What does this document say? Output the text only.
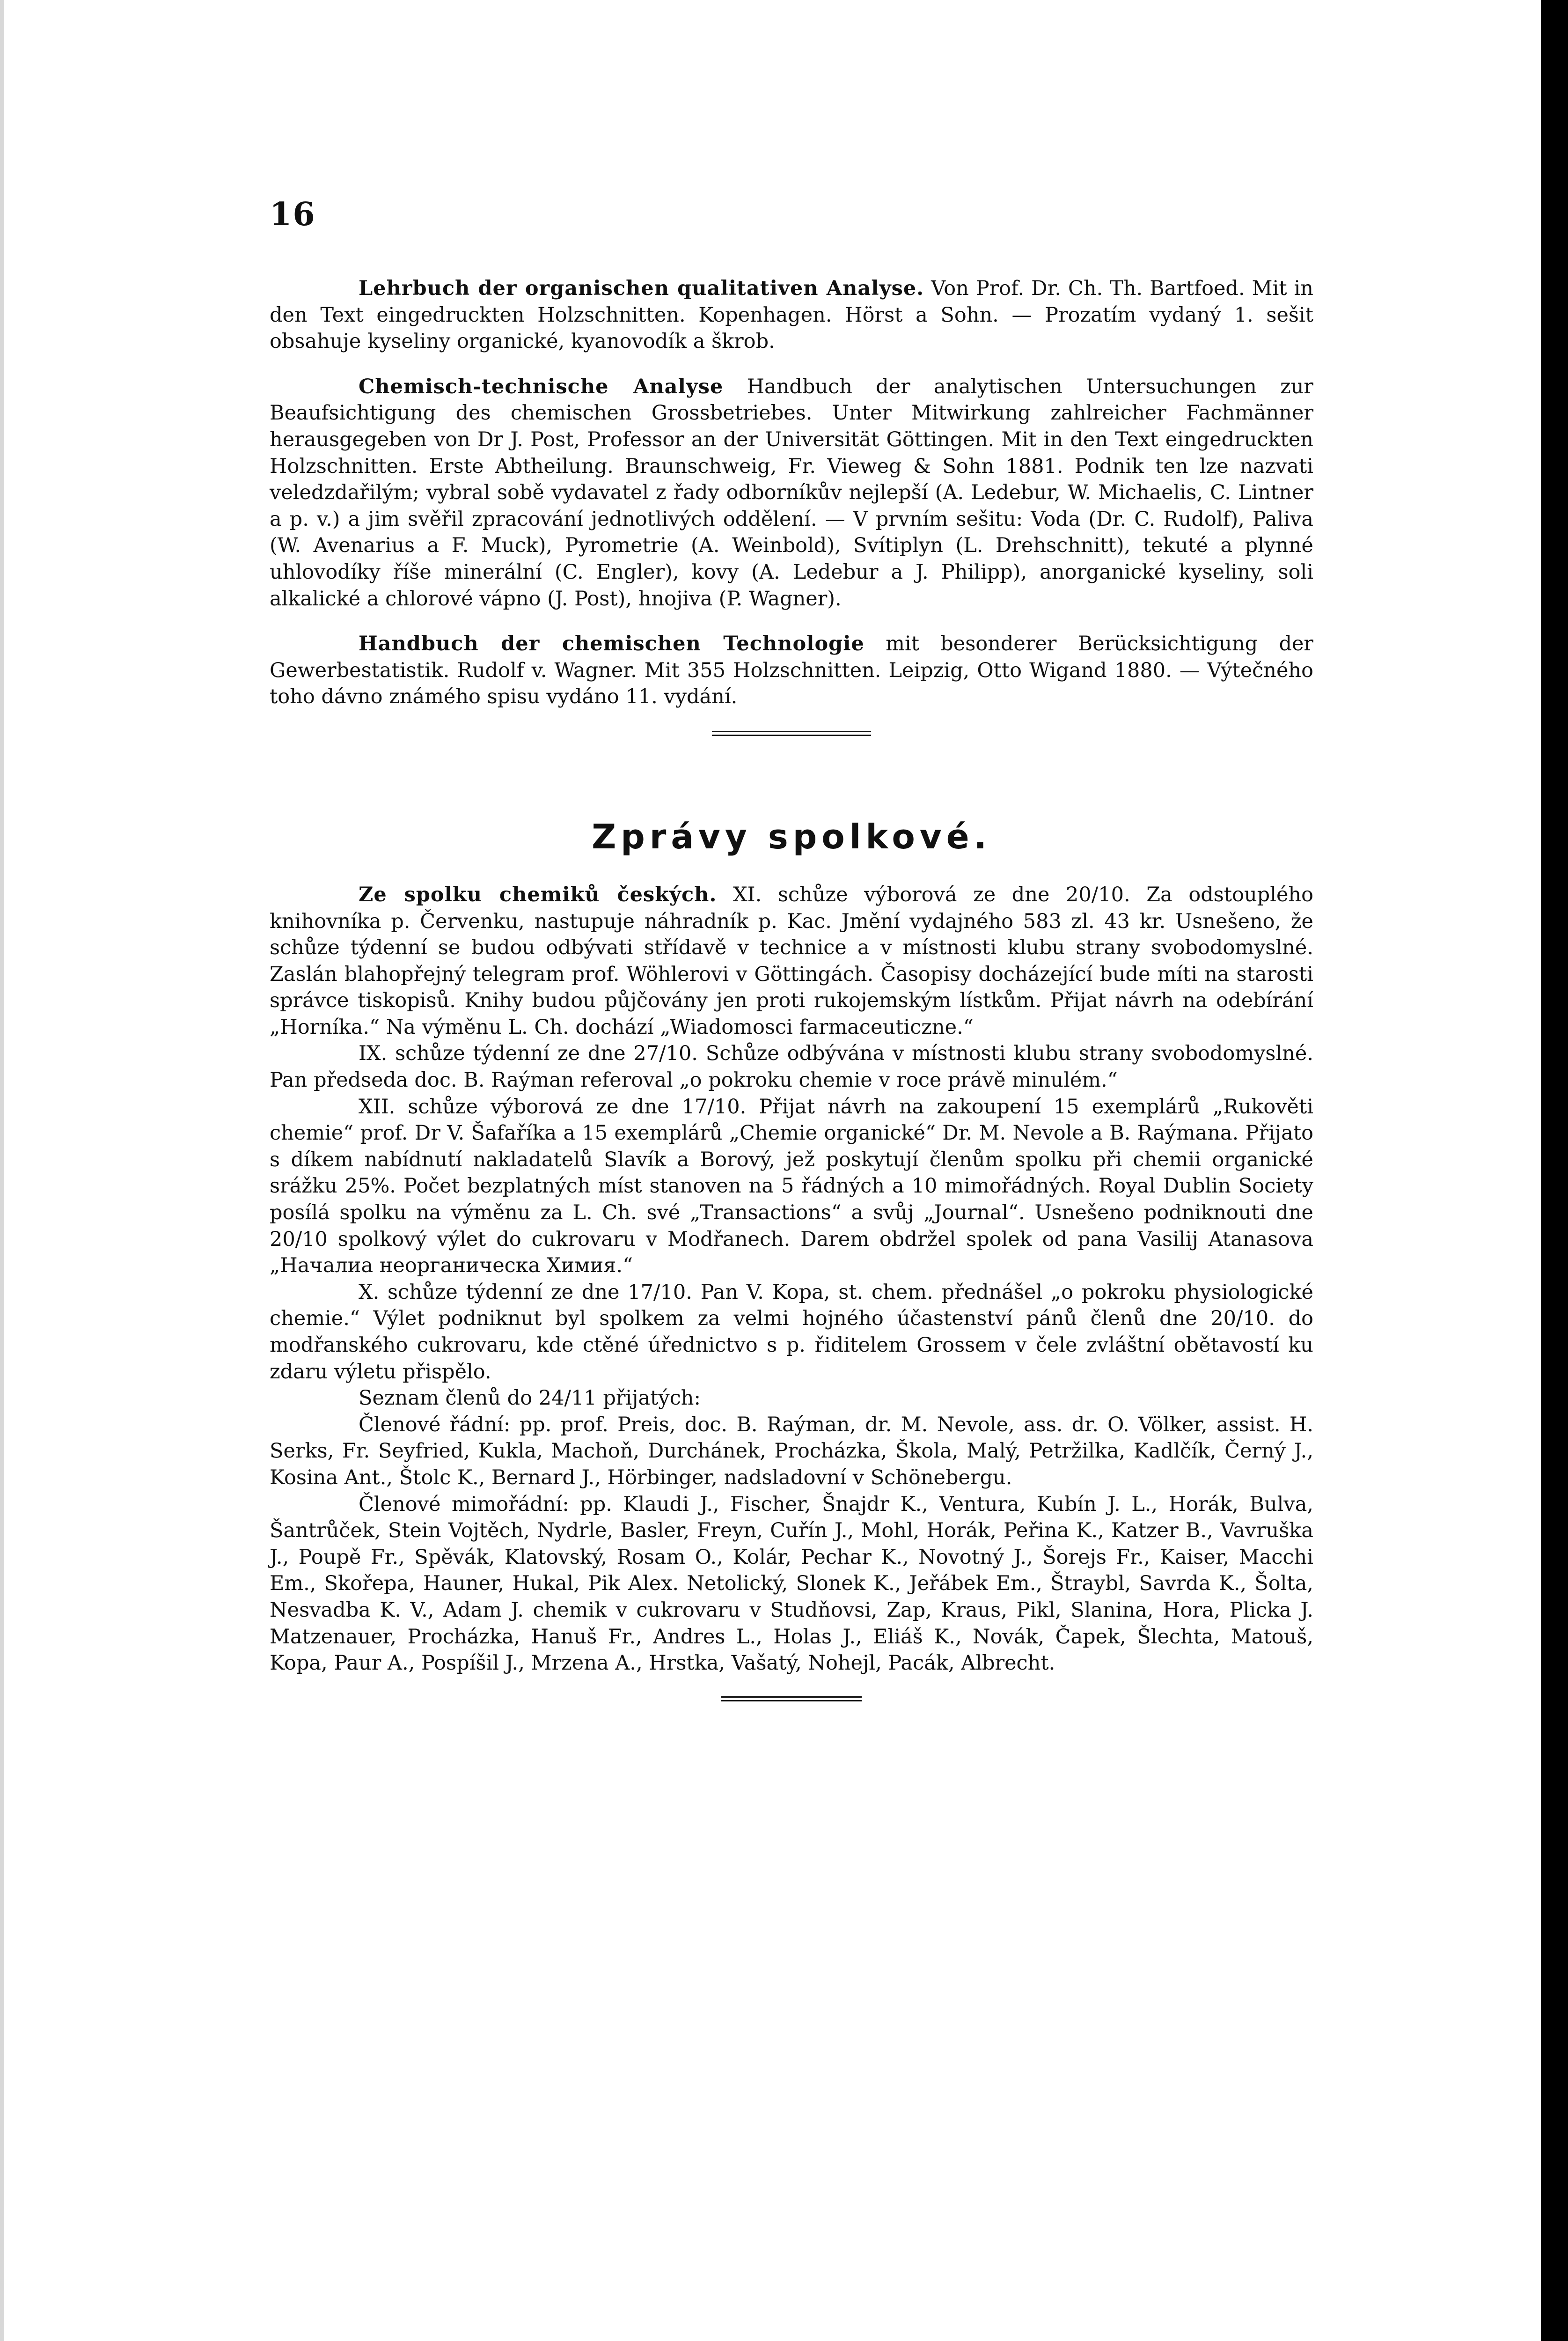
16

Lehrbuch der organischen qualitativen Analyse. Von Prof. Dr. Ch. Th. Bartfoed. Mit in den Text eingedruckten Holzschnitten. Kopenhagen. Hörst a Sohn. — Prozatím vydaný 1. sešit obsahuje kyseliny organické, kyanovodík a škrob.

Chemisch-technische Analyse Handbuch der analytischen Untersuchungen zur Beaufsichtigung des chemischen Grossbetriebes. Unter Mitwirkung zahlreicher Fachmänner herausgegeben von Dr J. Post, Professor an der Universität Göttingen. Mit in den Text eingedruckten Holzschnitten. Erste Abtheilung. Braunschweig, Fr. Vieweg & Sohn 1881. Podnik ten lze nazvati veledzdařilým; vybral sobě vydavatel z řady odborníkův nejlepší (A. Ledebur, W. Michaelis, C. Lintner a p. v.) a jim svěřil zpracování jednotlivých oddělení. — V prvním sešitu: Voda (Dr. C. Rudolf), Paliva (W. Avenarius a F. Muck), Pyrometrie (A. Weinbold), Svítiplyn (L. Drehschnitt), tekuté a plynné uhlovodíky říše minerální (C. Engler), kovy (A. Ledebur a J. Philipp), anorganické kyseliny, soli alkalické a chlorové vápno (J. Post), hnojiva (P. Wagner).

Handbuch der chemischen Technologie mit besonderer Berücksichtigung der Gewerbestatistik. Rudolf v. Wagner. Mit 355 Holzschnitten. Leipzig, Otto Wigand 1880. — Výtečného toho dávno známého spisu vydáno 11. vydání.

Zprávy spolkové.

Ze spolku chemiků českých. XI. schůze výborová ze dne 20/10. Za odstouplého knihovníka p. Červenku, nastupuje náhradník p. Kac. Jmění vydajného 583 zl. 43 kr. Usnešeno, že schůze týdenní se budou odbývati střídavě v technice a v místnosti klubu strany svobodomyslné. Zaslán blahopřejný telegram prof. Wöhlerovi v Göttingách. Časopisy docházející bude míti na starosti správce tiskopisů. Knihy budou půjčovány jen proti rukojemským lístkům. Přijat návrh na odebírání „Horníka.“ Na výměnu L. Ch. dochází „Wiadomosci farmaceuticzne.“

IX. schůze týdenní ze dne 27/10. Schůze odbývána v místnosti klubu strany svobodomyslné. Pan předseda doc. B. Raýman referoval „o pokroku chemie v roce právě minulém.“

XII. schůze výborová ze dne 17/10. Přijat návrh na zakoupení 15 exemplárů „Rukověti chemie“ prof. Dr V. Šafaříka a 15 exemplárů „Chemie organické“ Dr. M. Nevole a B. Raýmana. Přijato s díkem nabídnutí nakladatelů Slavík a Borový, jež poskytují členům spolku při chemii organické srážku 25%. Počet bezplatných míst stanoven na 5 řádných a 10 mimořádných. Royal Dublin Society posílá spolku na výměnu za L. Ch. své „Transactions“ a svůj „Journal“. Usnešeno podniknouti dne 20/10 spolkový výlet do cukrovaru v Modřanech. Darem obdržel spolek od pana Vasilij Atanasova „Началиа неорганическа Химия.“

X. schůze týdenní ze dne 17/10. Pan V. Kopa, st. chem. přednášel „o pokroku physiologické chemie.“ Výlet podniknut byl spolkem za velmi hojného účastenství pánů členů dne 20/10. do modřanského cukrovaru, kde ctěné úřednictvo s p. řiditelem Grossem v čele zvláštní obětavostí ku zdaru výletu přispělo.

Seznam členů do 24/11 přijatých:

Členové řádní: pp. prof. Preis, doc. B. Raýman, dr. M. Nevole, ass. dr. O. Völker, assist. H. Serks, Fr. Seyfried, Kukla, Machoň, Durchánek, Procházka, Škola, Malý, Petržilka, Kadlčík, Černý J., Kosina Ant., Štolc K., Bernard J., Hörbinger, nadsladovní v Schönebergu.

Členové mimořádní: pp. Klaudi J., Fischer, Šnajdr K., Ventura, Kubín J. L., Horák, Bulva, Šantrůček, Stein Vojtěch, Nydrle, Basler, Freyn, Cuřín J., Mohl, Horák, Peřina K., Katzer B., Vavruška J., Poupě Fr., Spěvák, Klatovský, Rosam O., Kolár, Pechar K., Novotný J., Šorejs Fr., Kaiser, Macchi Em., Skořepa, Hauner, Hukal, Pik Alex. Netolický, Slonek K., Jeřábek Em., Štraybl, Savrda K., Šolta, Nesvadba K. V., Adam J. chemik v cukrovaru v Studňovsi, Zap, Kraus, Pikl, Slanina, Hora, Plicka J. Matzenauer, Procházka, Hanuš Fr., Andres L., Holas J., Eliáš K., Novák, Čapek, Šlechta, Matouš, Kopa, Paur A., Pospíšil J., Mrzena A., Hrstka, Vašatý, Nohejl, Pacák, Albrecht.
